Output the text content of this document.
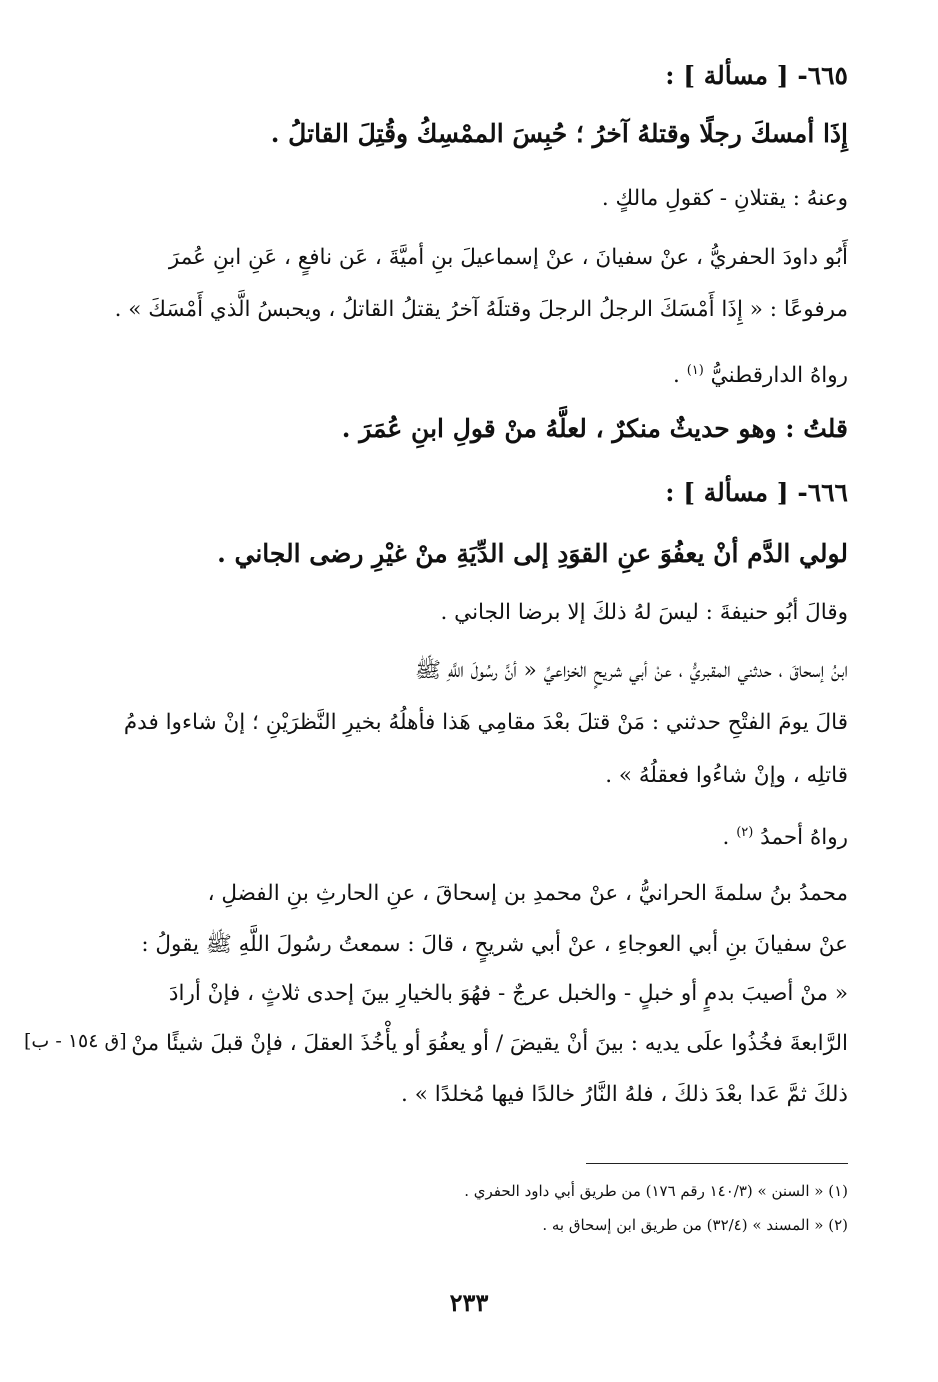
٦٦٥- [ مسألة ] :
إِذَا أمسكَ رجلًا وقتلهُ آخرُ ؛ حُبِسَ الممْسِكُ وقُتِلَ القاتلُ .
وعنهُ : يقتلانِ - كقولِ مالكٍ .
أَبُو داودَ الحفريُّ ، عنْ سفيانَ ، عنْ إسماعيلَ بنِ أميَّةَ ، عَن نافعٍ ، عَنِ ابنِ عُمرَ
مرفوعًا : « إِذَا أَمْسَكَ الرجلُ الرجلَ وقتلَهُ آخرُ يقتلُ القاتلُ ، ويحبسُ الَّذي أَمْسَكَ » .
رواهُ الدارقطنيُّ $^{(١)}$ .
قلتُ : وهو حديثٌ منكرٌ ، لعلَّهُ منْ قولِ ابنِ عُمَرَ .
٦٦٦- [ مسألة ] :
لولي الدَّم أنْ يعفُوَ عنِ القوَدِ إلى الدِّيَةِ منْ غيْرِ رضى الجاني .
وقالَ أبُو حنيفةَ : ليسَ لهُ ذلكَ إلا برضا الجاني .
ابنُ إسحاقَ ، حدثني المقبريُّ ، عنْ أبي شريحٍ الخزاعيِّ « أنَّ رسُولَ اللَّهِ ﷺ
قالَ يومَ الفتْحِ حدثني : مَنْ قتلَ بعْدَ مقامِي هَذا فأهلُهُ بخيرِ النَّظرَيْنِ ؛ إنْ شاءوا فدمُ
قاتلِه ، وإنْ شاءُوا فعقلُهُ » .
رواهُ أحمدُ $^{(٢)}$ .
محمدُ بنُ سلمةَ الحرانيُّ ، عنْ محمدِ بن إسحاقَ ، عنِ الحارثِ بنِ الفضلِ ،
عنْ سفيانَ بنِ أبي العوجاءِ ، عنْ أبي شريحٍ ، قالَ : سمعتُ رسُولَ اللَّهِ ﷺ يقولُ :
« منْ أصيبَ بدمٍ أو خبلٍ - والخبل عرجٌ - فهُوَ بالخيارِ بينَ إحدى ثلاثٍ ، فإنْ أرادَ
الرَّابعةَ فخُذُوا علَى يديه : بينَ أنْ يقيضَ / أو يعفُوَ أو يأْخُذَ العقلَ ، فإنْ قبلَ شيئًا منْ
ذلكَ ثمَّ عَدا بعْدَ ذلكَ ، فلهُ النَّارُ خالدًا فيها مُخلدًا » .
[ق ١٥٤ - ب]
(١) « السنن » (١٤٠/٣ رقم ١٧٦) من طريق أبي داود الحفري .
(٢) « المسند » (٣٢/٤) من طريق ابن إسحاق به .
٢٣٣
